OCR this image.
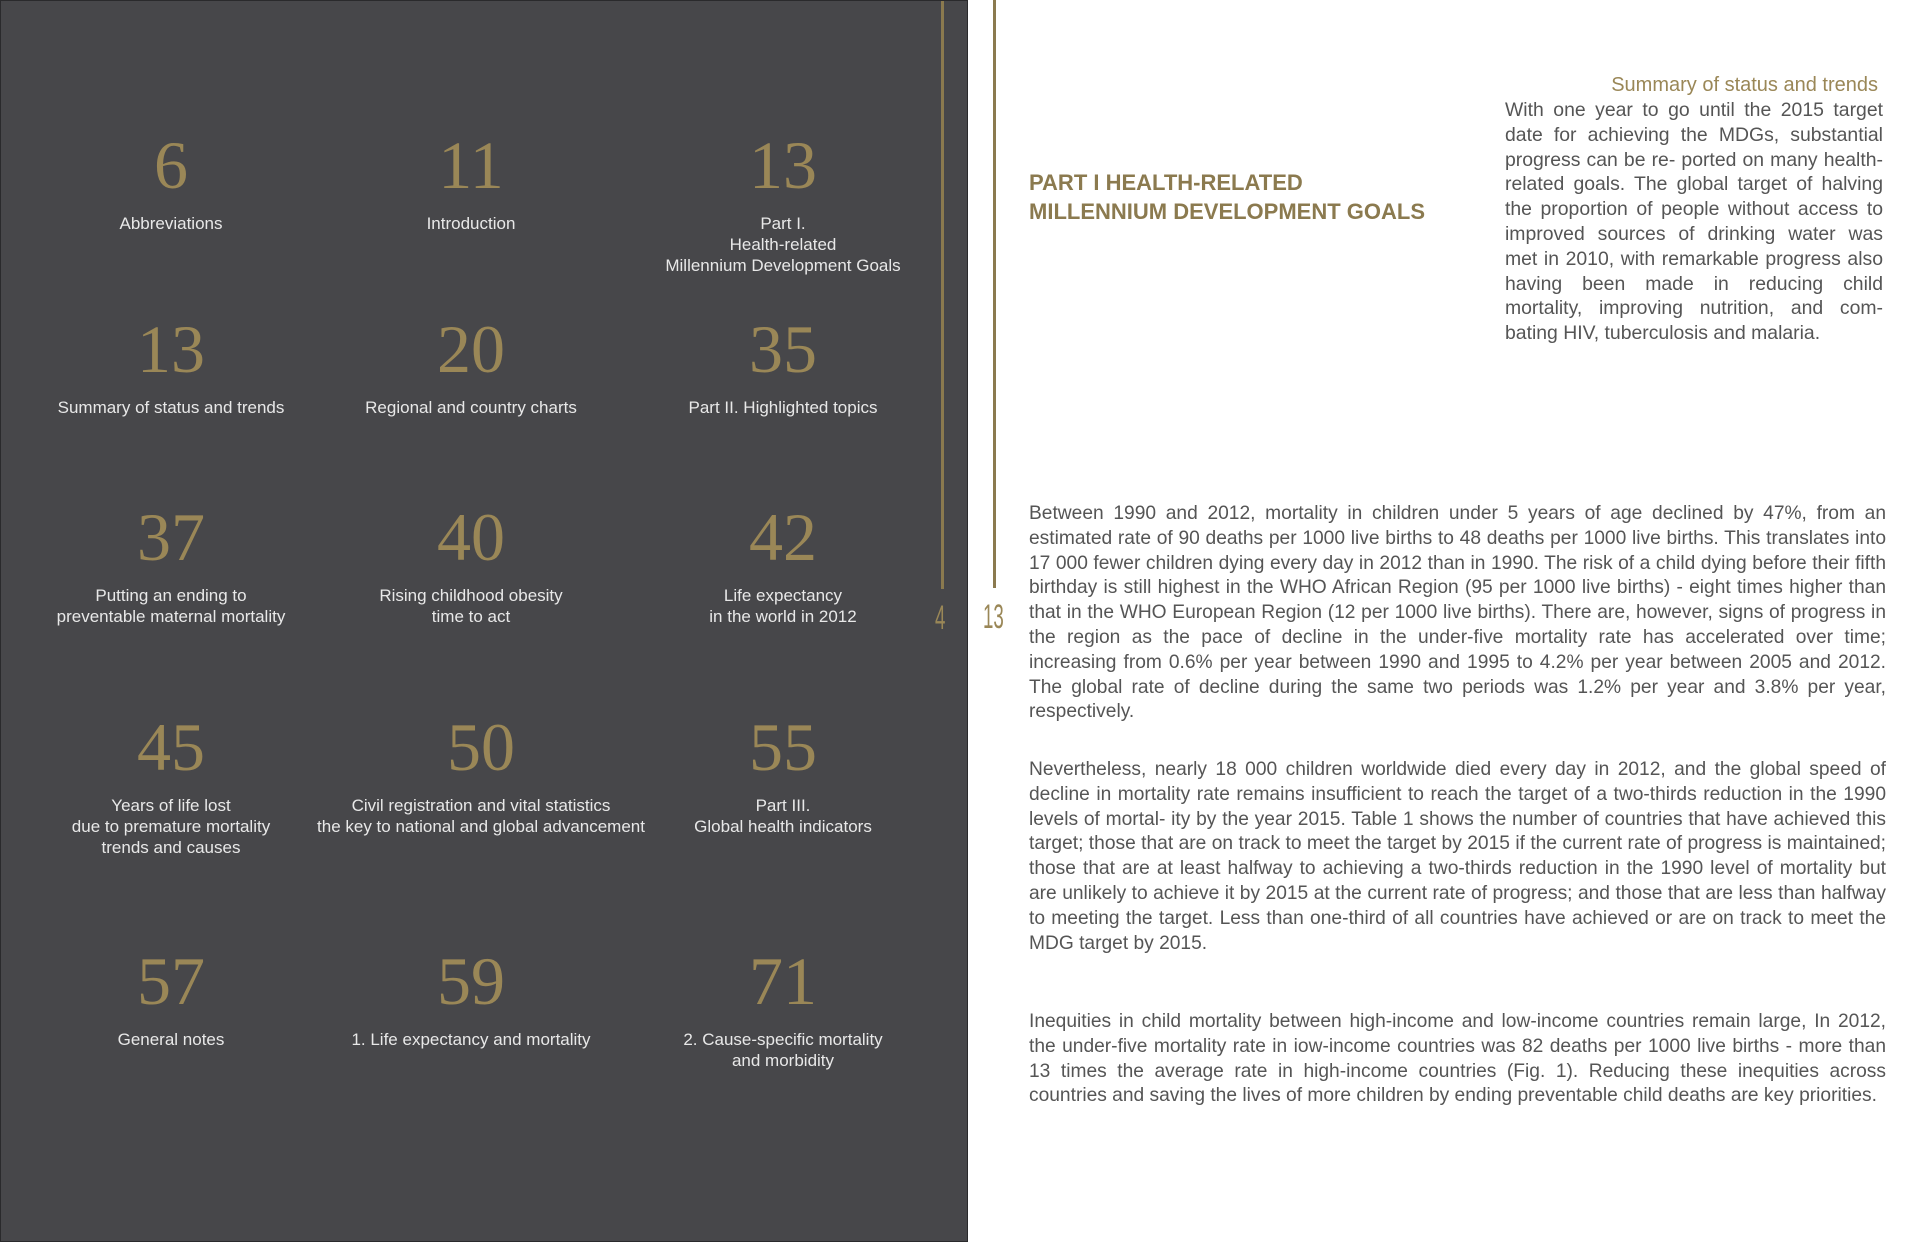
6
Abbreviations
11
Introduction
13
Part I.
Health-related
Millennium Development Goals
13
Summary of status and trends
20
Regional and country charts
35
Part II. Highlighted topics
37
Putting an ending to
preventable maternal mortality
40
Rising childhood obesity
time to act
42
Life expectancy
in the world in 2012
45
Years of life lost
due to premature mortality
trends and causes
50
Civil registration and vital statistics
the key to national and global advancement
55
Part III.
Global health indicators
57
General notes
59
1. Life expectancy and mortality
71
2. Cause-specific mortality
and morbidity
4 13
Summary of status and trends
With one year to go until the 2015 target date for achieving the MDGs, substantial progress can be re- ported on many health- related goals. The global target of halving the proportion of people without access to improved sources of drinking water was met in 2010, with remarkable progress also having been made in reducing child mortality, improving nutrition, and com- bating HIV, tuberculosis and malaria.
PART I HEALTH-RELATED
MILLENNIUM DEVELOPMENT GOALS
Between 1990 and 2012, mortality in children under 5 years of age declined by 47%, from an estimated rate of 90 deaths per 1000 live births to 48 deaths per 1000 live births. This translates into 17 000 fewer children dying every day in 2012 than in 1990. The risk of a child dying before their fifth birthday is still highest in the WHO African Region (95 per 1000 live births) - eight times higher than that in the WHO European Region (12 per 1000 live births). There are, however, signs of progress in the region as the pace of decline in the under-five mortality rate has accelerated over time; increasing from 0.6% per year between 1990 and 1995 to 4.2% per year between 2005 and 2012. The global rate of decline during the same two periods was 1.2% per year and 3.8% per year, respectively.
Nevertheless, nearly 18 000 children worldwide died every day in 2012, and the global speed of decline in mortality rate remains insufficient to reach the target of a two-thirds reduction in the 1990 levels of mortal- ity by the year 2015. Table 1 shows the number of countries that have achieved this target; those that are on track to meet the target by 2015 if the current rate of progress is maintained; those that are at least halfway to achieving a two-thirds reduction in the 1990 level of mortality but are unlikely to achieve it by 2015 at the current rate of progress; and those that are less than halfway to meeting the target. Less than one-third of all countries have achieved or are on track to meet the MDG target by 2015.
Inequities in child mortality between high-income and low-income countries remain large, In 2012, the under-five mortality rate in iow-income countries was 82 deaths per 1000 live births - more than 13 times the average rate in high-income countries (Fig. 1). Reducing these inequities across countries and saving the lives of more children by ending preventable child deaths are key priorities.
